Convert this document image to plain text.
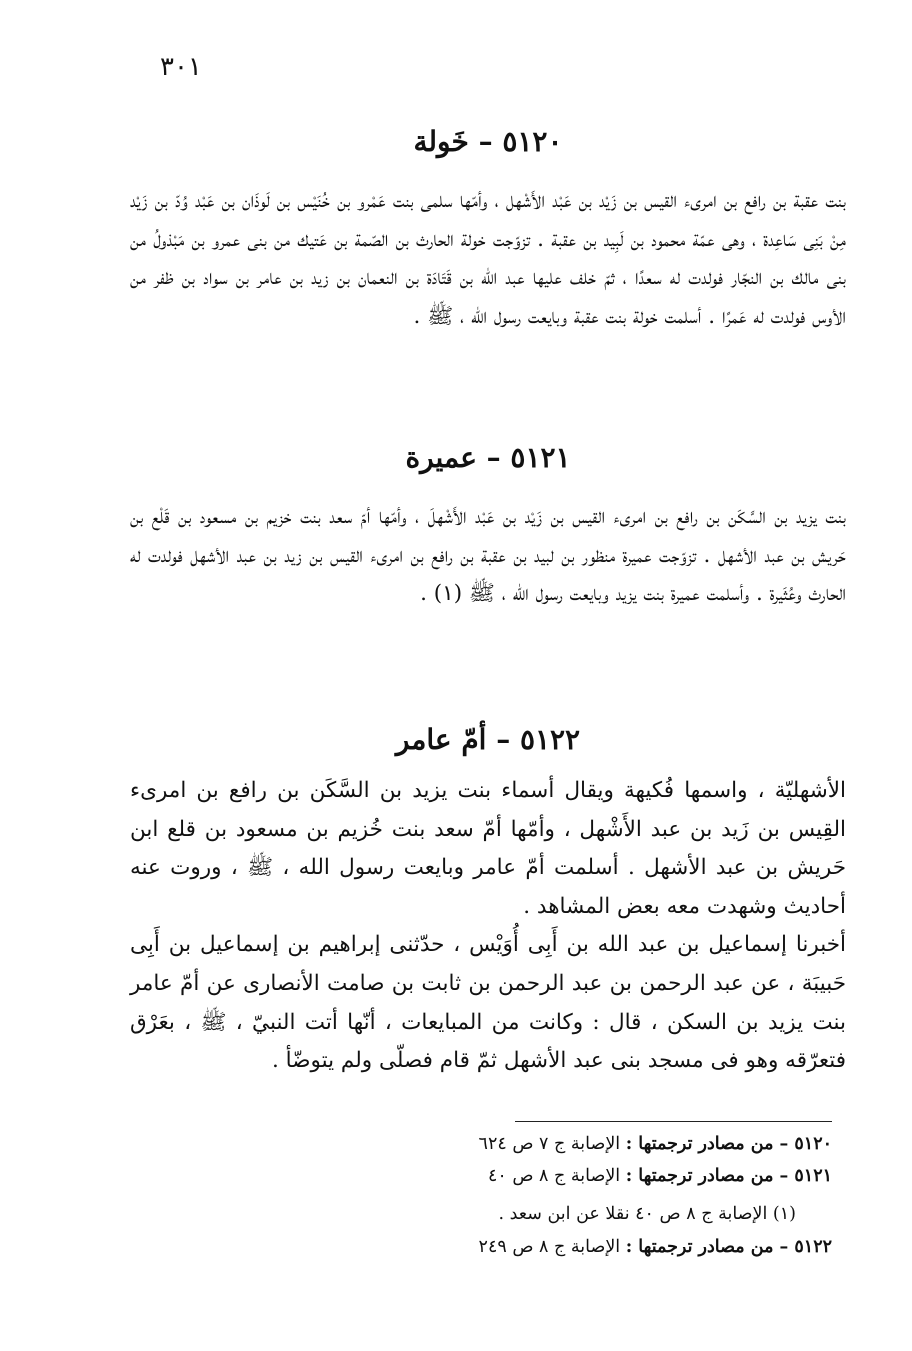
٣٠١
٥١٢٠ – خَولة

بنت عقبة بن رافع بن امرىء القيس بن زَيْد بن عَبْد الأَشْهل ، وأمّها سلمى بنت عَمْرو بن خُنَيْس بن لَوذَان بن عَبْد وُدّ بن زَيْد مِنْ بَنِى سَاعِدة ، وهى عمّة محمود بن لَبِيد بن عقبة . تزوّجت خولة الحارث بن الصّمة بن عَتيك من بنى عمرو بن مَبْذولُ من بنى مالك بن النجّار فولدت له سعدًا ، ثمّ خلف عليها عبد الله بن قَتَادَة بن النعمان بن زيد بن عامر بن سواد بن ظفر من الأوس فولدت له عَمرًا . أسلمت خولة بنت عقبة وبايعت رسول الله ، ﷺ .

٥١٢١ – عميرة

بنت يزيد بن السَّكَن بن رافع بن امرىء القيس بن زَيْد بن عَبْد الأَشْهلَ ، وأمّها أمّ سعد بنت خزيم بن مسعود بن قَلْع بن حَريش بن عبد الأشهل . تزوّجت عميرة منظور بن لبيد بن عقبة بن رافع بن امرىء القيس بن زيد بن عبد الأشهل فولدت له الحارث وعُثَيرة . وأسلمت عميرة بنت يزيد وبايعت رسول الله ، ﷺ (١) .

٥١٢٢ – أمّ عامر

الأشهليّة ، واسمها فُكيهة ويقال أسماء بنت يزيد بن السَّكَن بن رافع بن امرىء القِيس بن زَيد بن عبد الأَشْهل ، وأمّها أمّ سعد بنت خُزيم بن مسعود بن قلع ابن حَريش بن عبد الأشهل . أسلمت أمّ عامر وبايعت رسول الله ، ﷺ ، وروت عنه أحاديث وشهدت معه بعض المشاهد .

أخبرنا إسماعيل بن عبد الله بن أَبِى أُوَيْس ، حدّثنى إبراهيم بن إسماعيل بن أَبِى حَبيبَة ، عن عبد الرحمن بن عبد الرحمن بن ثابت بن صامت الأنصارى عن أمّ عامر بنت يزيد بن السكن ، قال : وكانت من المبايعات ، أنّها أتت النبيّ ، ﷺ ، بعَرْق فتعرّقه وهو فى مسجد بنى عبد الأشهل ثمّ قام فصلّى ولم يتوضّأ .

٥١٢٠ – من مصادر ترجمتها : الإصابة ج ٧ ص ٦٢٤
٥١٢١ – من مصادر ترجمتها : الإصابة ج ٨ ص ٤٠
(١) الإصابة ج ٨ ص ٤٠ نقلا عن ابن سعد .
٥١٢٢ – من مصادر ترجمتها : الإصابة ج ٨ ص ٢٤٩
